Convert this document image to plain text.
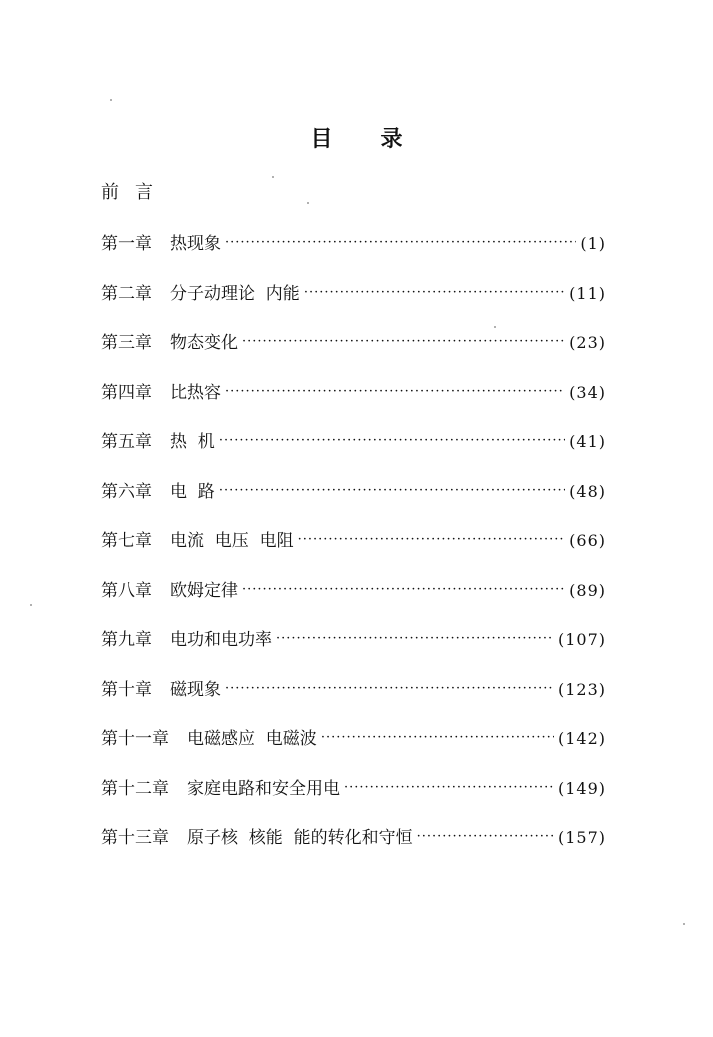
目录
前言
第一章 热现象 ·····	(1)
第二章 分子动理论  内能 ·····	(11)
第三章 物态变化 ·····	(23)
第四章 比热容 ·····	(34)
第五章 热  机 ·····	(41)
第六章 电  路 ·····	(48)
第七章 电流  电压  电阻 ·····	(66)
第八章 欧姆定律 ·····	(89)
第九章 电功和电功率 ·····	(107)
第十章 磁现象 ·····	(123)
第十一章 电磁感应  电磁波 ·····	(142)
第十二章 家庭电路和安全用电 ·····	(149)
第十三章 原子核  核能  能的转化和守恒 ·····	(157)
